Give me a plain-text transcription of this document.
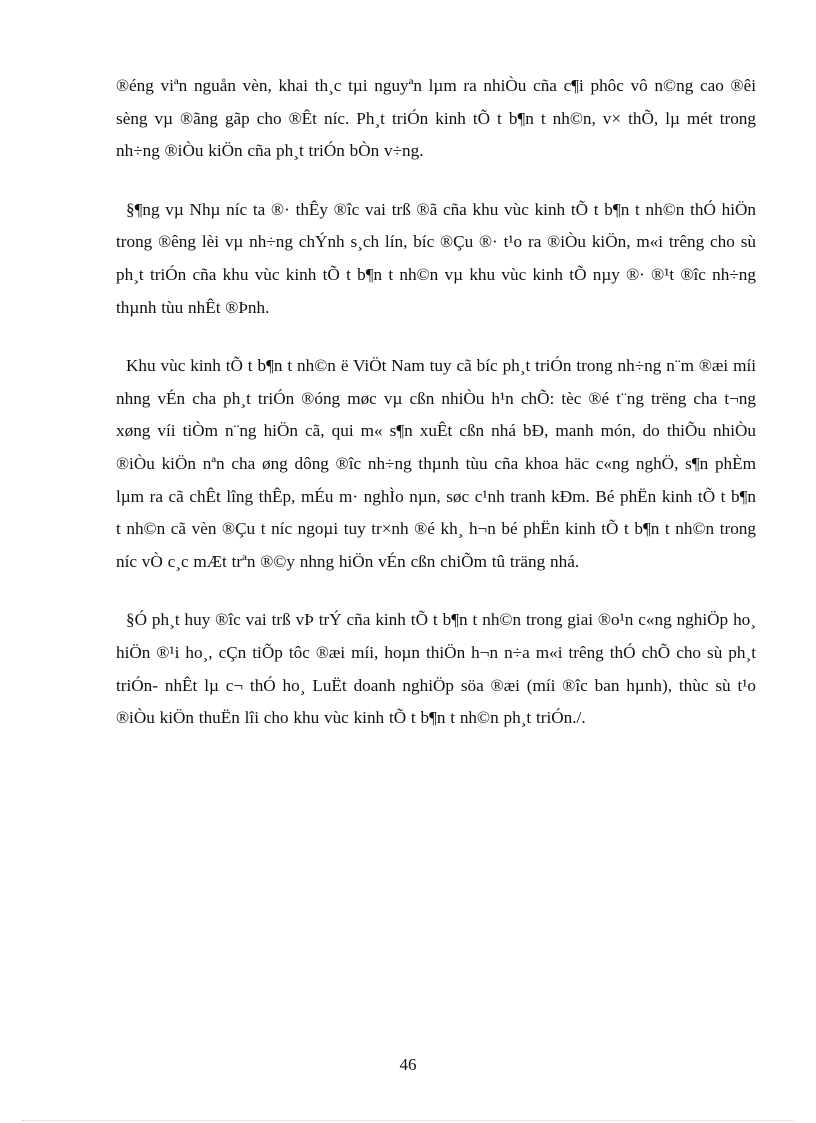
®éng viªn nguån vèn, khai th¸c tµi nguyªn lµm ra nhiÒu cña c¶i phôc vô n©ng cao ®êi sèng vµ ®ãng gãp cho ®Êt níc. Ph¸t triÓn kinh tÕ t b¶n t nh©n, v× thÕ, lµ mét trong nh÷ng ®iÒu kiÖn cña ph¸t triÓn bÒn v÷ng.

§¶ng vµ Nhµ níc ta ®· thÊy ®îc vai trß ®ã cña khu vùc kinh tÕ t b¶n t nh©n thÓ hiÖn trong ®êng lèi vµ nh÷ng chÝnh s¸ch lín, bíc ®Çu ®· t¹o ra ®iÒu kiÖn, m«i trêng cho sù ph¸t triÓn cña khu vùc kinh tÕ t b¶n t nh©n vµ khu vùc kinh tÕ nµy ®· ®¹t ®îc nh÷ng thµnh tùu nhÊt ®Þnh.

Khu vùc kinh tÕ t b¶n t nh©n ë ViÖt Nam tuy cã bíc ph¸t triÓn trong nh÷ng n¨m ®æi míi nhng vÉn cha ph¸t triÓn ®óng møc vµ cßn nhiÒu h¹n chÕ: tèc ®é t¨ng trëng cha t¬ng xøng víi tiÒm n¨ng hiÖn cã, qui m« s¶n xuÊt cßn nhá bÐ, manh món, do thiÕu nhiÒu ®iÒu kiÖn nªn cha øng dông ®îc nh÷ng thµnh tùu cña khoa häc c«ng nghÖ, s¶n phÈm lµm ra cã chÊt lîng thÊp, mÉu m· nghÌo nµn, søc c¹nh tranh kÐm. Bé phËn kinh tÕ t b¶n t nh©n cã vèn ®Çu t níc ngoµi tuy tr×nh ®é kh¸ h¬n bé phËn kinh tÕ t b¶n t nh©n trong níc vÒ c¸c mÆt trªn ®©y nhng hiÖn vÉn cßn chiÕm tû träng nhá.

§Ó ph¸t huy ®îc vai trß vÞ trÝ cña kinh tÕ t b¶n t nh©n trong giai ®o¹n c«ng nghiÖp ho¸ hiÖn ®¹i ho¸, cÇn tiÕp tôc ®æi míi, hoµn thiÖn h¬n n÷a m«i trêng thÓ chÕ cho sù ph¸t triÓn- nhÊt lµ c¬ thÓ ho¸ LuËt doanh nghiÖp söa ®æi (míi ®îc ban hµnh), thùc sù t¹o ®iÒu kiÖn thuËn lîi cho khu vùc kinh tÕ t b¶n t nh©n ph¸t triÓn./.

46
